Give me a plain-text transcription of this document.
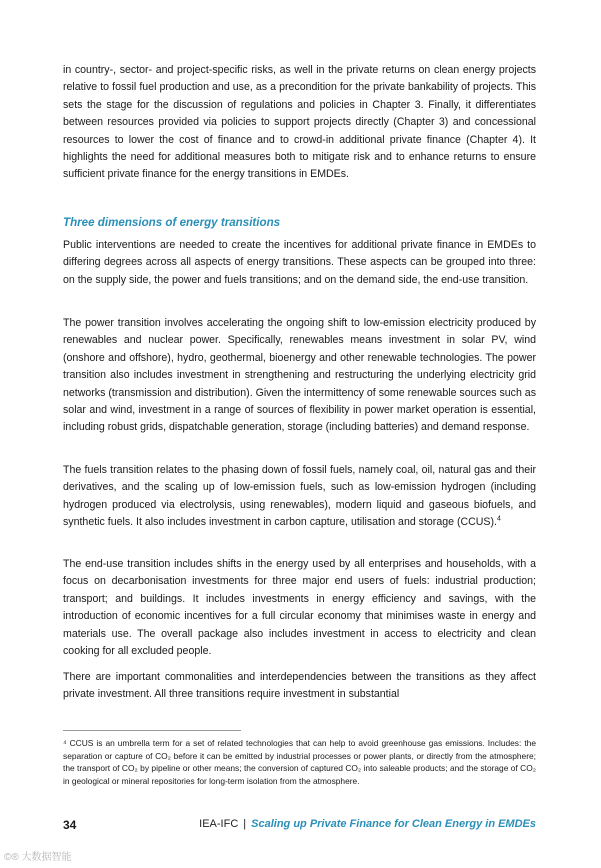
in country-, sector- and project-specific risks, as well in the private returns on clean energy projects relative to fossil fuel production and use, as a precondition for the private bankability of projects. This sets the stage for the discussion of regulations and policies in Chapter 3. Finally, it differentiates between resources provided via policies to support projects directly (Chapter 3) and concessional resources to lower the cost of finance and to crowd-in additional private finance (Chapter 4). It highlights the need for additional measures both to mitigate risk and to enhance returns to ensure sufficient private finance for the energy transitions in EMDEs.

Three dimensions of energy transitions

Public interventions are needed to create the incentives for additional private finance in EMDEs to differing degrees across all aspects of energy transitions. These aspects can be grouped into three: on the supply side, the power and fuels transitions; and on the demand side, the end-use transition.

The power transition involves accelerating the ongoing shift to low-emission electricity produced by renewables and nuclear power. Specifically, renewables means investment in solar PV, wind (onshore and offshore), hydro, geothermal, bioenergy and other renewable technologies. The power transition also includes investment in strengthening and restructuring the underlying electricity grid networks (transmission and distribution). Given the intermittency of some renewable sources such as solar and wind, investment in a range of sources of flexibility in power market operation is essential, including robust grids, dispatchable generation, storage (including batteries) and demand response.

The fuels transition relates to the phasing down of fossil fuels, namely coal, oil, natural gas and their derivatives, and the scaling up of low-emission fuels, such as low-emission hydrogen (including hydrogen produced via electrolysis, using renewables), modern liquid and gaseous biofuels, and synthetic fuels. It also includes investment in carbon capture, utilisation and storage (CCUS).$^4$

The end-use transition includes shifts in the energy used by all enterprises and households, with a focus on decarbonisation investments for three major end users of fuels: industrial production; transport; and buildings. It includes investments in energy efficiency and savings, with the introduction of economic incentives for a full circular economy that minimises waste in energy and materials use. The overall package also includes investment in access to electricity and clean cooking for all excluded people.

There are important commonalities and interdependencies between the transitions as they affect private investment. All three transitions require investment in substantial

⁴ CCUS is an umbrella term for a set of related technologies that can help to avoid greenhouse gas emissions. Includes: the separation or capture of CO₂ before it can be emitted by industrial processes or power plants, or directly from the atmosphere; the transport of CO₂ by pipeline or other means; the conversion of captured CO₂ into saleable products; and the storage of CO₂ in geological or mineral repositories for long-term isolation from the atmosphere.

34	IEA-IFC | Scaling up Private Finance for Clean Energy in EMDEs
©® 大数据智能
